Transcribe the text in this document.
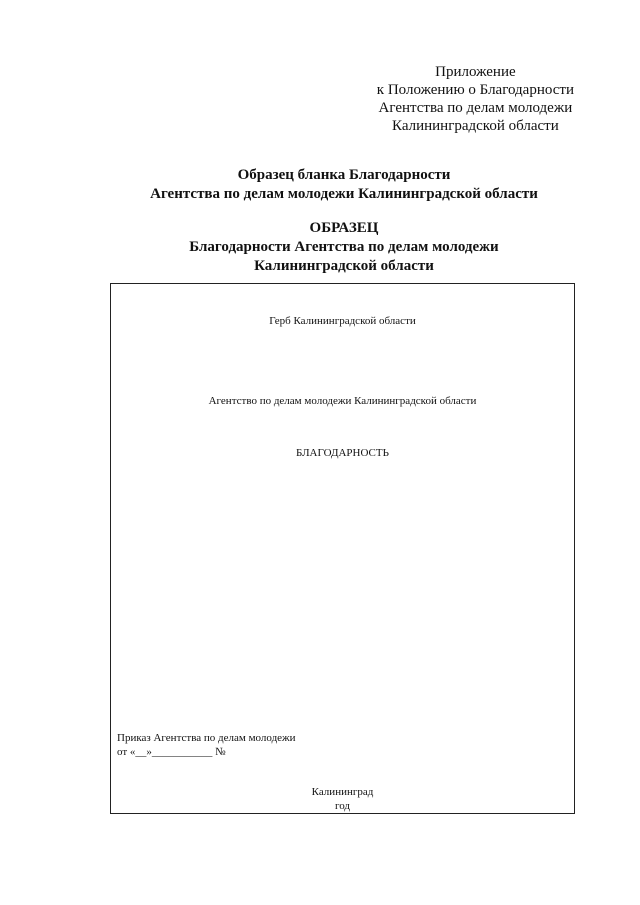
Приложение
к Положению о Благодарности
Агентства по делам молодежи
Калининградской области
Образец бланка Благодарности
Агентства по делам молодежи Калининградской области
ОБРАЗЕЦ
Благодарности Агентства по делам молодежи
Калининградской области
Герб Калининградской области
Агентство по делам молодежи Калининградской области
БЛАГОДАРНОСТЬ
Приказ Агентства по делам молодежи
от «__»___________ №
Калининград
год
